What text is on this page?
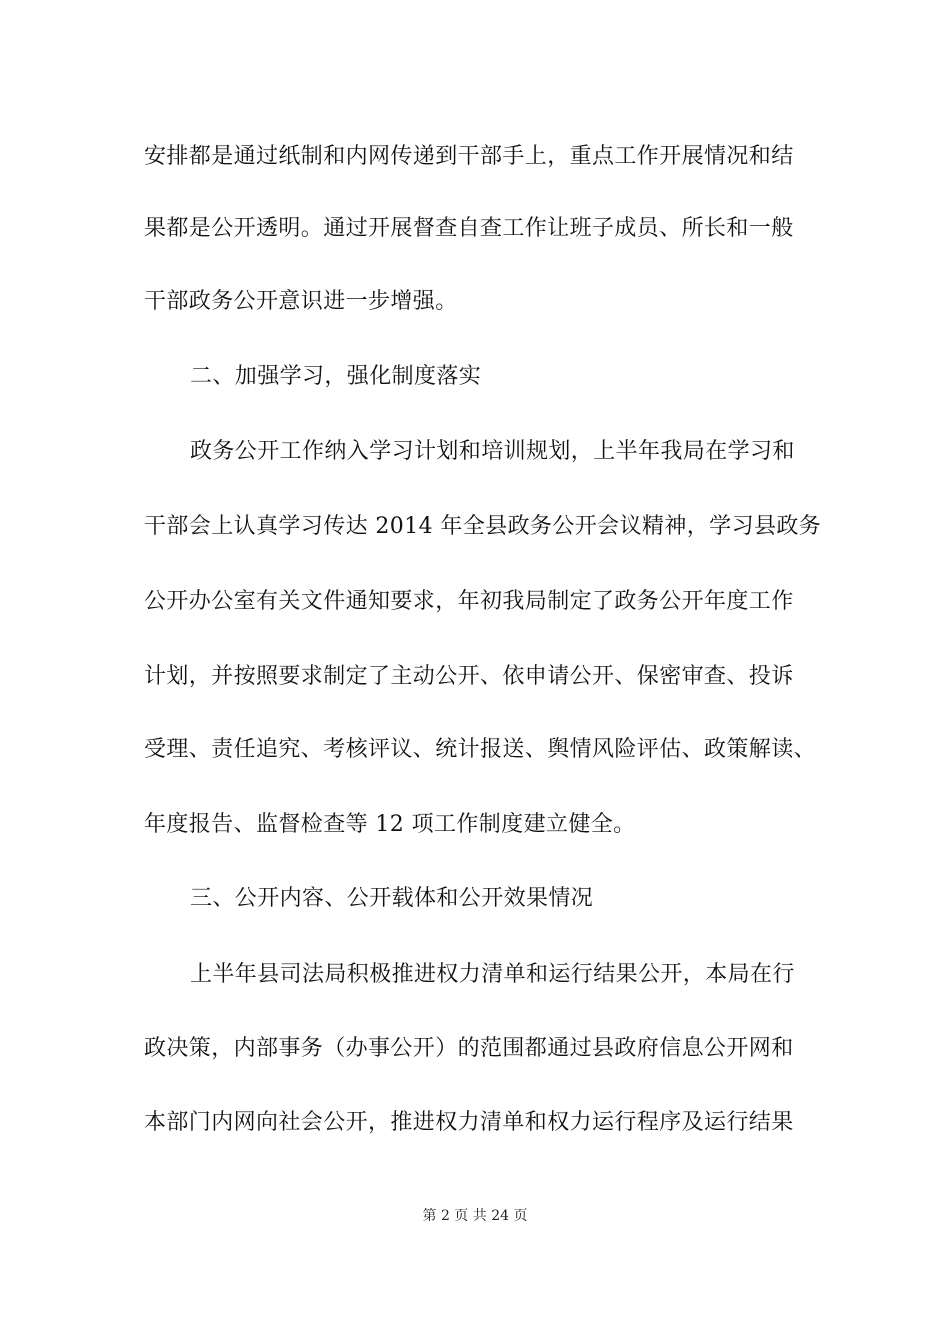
安排都是通过纸制和内网传递到干部手上，重点工作开展情况和结
果都是公开透明。通过开展督查自查工作让班子成员、所长和一般
干部政务公开意识进一步增强。
二、加强学习，强化制度落实
政务公开工作纳入学习计划和培训规划，上半年我局在学习和
干部会上认真学习传达 2014 年全县政务公开会议精神，学习县政务
公开办公室有关文件通知要求，年初我局制定了政务公开年度工作
计划，并按照要求制定了主动公开、依申请公开、保密审查、投诉
受理、责任追究、考核评议、统计报送、舆情风险评估、政策解读、
年度报告、监督检查等 12 项工作制度建立健全。
三、公开内容、公开载体和公开效果情况
上半年县司法局积极推进权力清单和运行结果公开，本局在行
政决策，内部事务（办事公开）的范围都通过县政府信息公开网和
本部门内网向社会公开，推进权力清单和权力运行程序及运行结果
第 2 页 共 24 页
